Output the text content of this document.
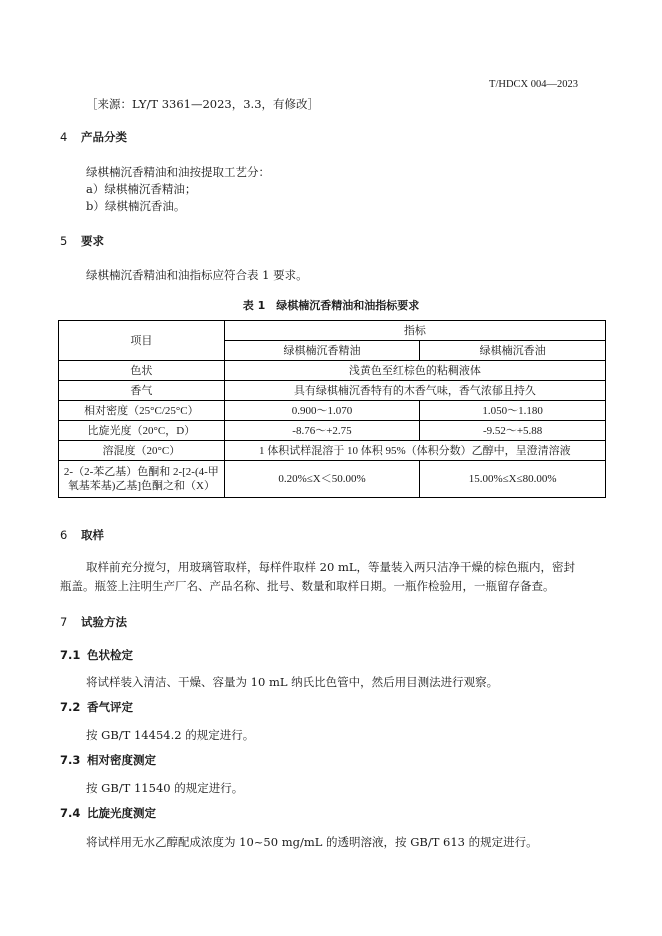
T/HDCX 004—2023
［来源：LY/T 3361—2023，3.3，有修改］
4 产品分类
绿棋楠沉香精油和油按提取工艺分：
a）绿棋楠沉香精油；
b）绿棋楠沉香油。
5 要求
绿棋楠沉香精油和油指标应符合表 1 要求。
表 1　绿棋楠沉香精油和油指标要求
项目	指标	
	绿棋楠沉香精油	绿棋楠沉香油
色状	浅黄色至红棕色的粘稠液体	
香气	具有绿棋楠沉香特有的木香气味，香气浓郁且持久	
相对密度（25°C/25°C）	0.900～1.070	1.050～1.180
比旋光度（20°C，D）	-8.76～+2.75	-9.52～+5.88
溶混度（20°C）	1 体积试样混溶于 10 体积 95%（体积分数）乙醇中，呈澄清溶液	

2-（2-苯乙基）色酮和 2-[2-(4-甲
氧基苯基)乙基]色酮之和（X）	0.20%≤X＜50.00%	15.00%≤X≤80.00%
6 取样
取样前充分搅匀，用玻璃管取样，每样件取样 20 mL，等量装入两只洁净干燥的棕色瓶内，密封瓶盖。瓶签上注明生产厂名、产品名称、批号、数量和取样日期。一瓶作检验用，一瓶留存备查。
7 试验方法
7.1 色状检定
将试样装入清洁、干燥、容量为 10 mL 纳氏比色管中，然后用目测法进行观察。
7.2 香气评定
按 GB/T 14454.2 的规定进行。
7.3 相对密度测定
按 GB/T 11540 的规定进行。
7.4 比旋光度测定
将试样用无水乙醇配成浓度为 10~50 mg/mL 的透明溶液，按 GB/T 613 的规定进行。
